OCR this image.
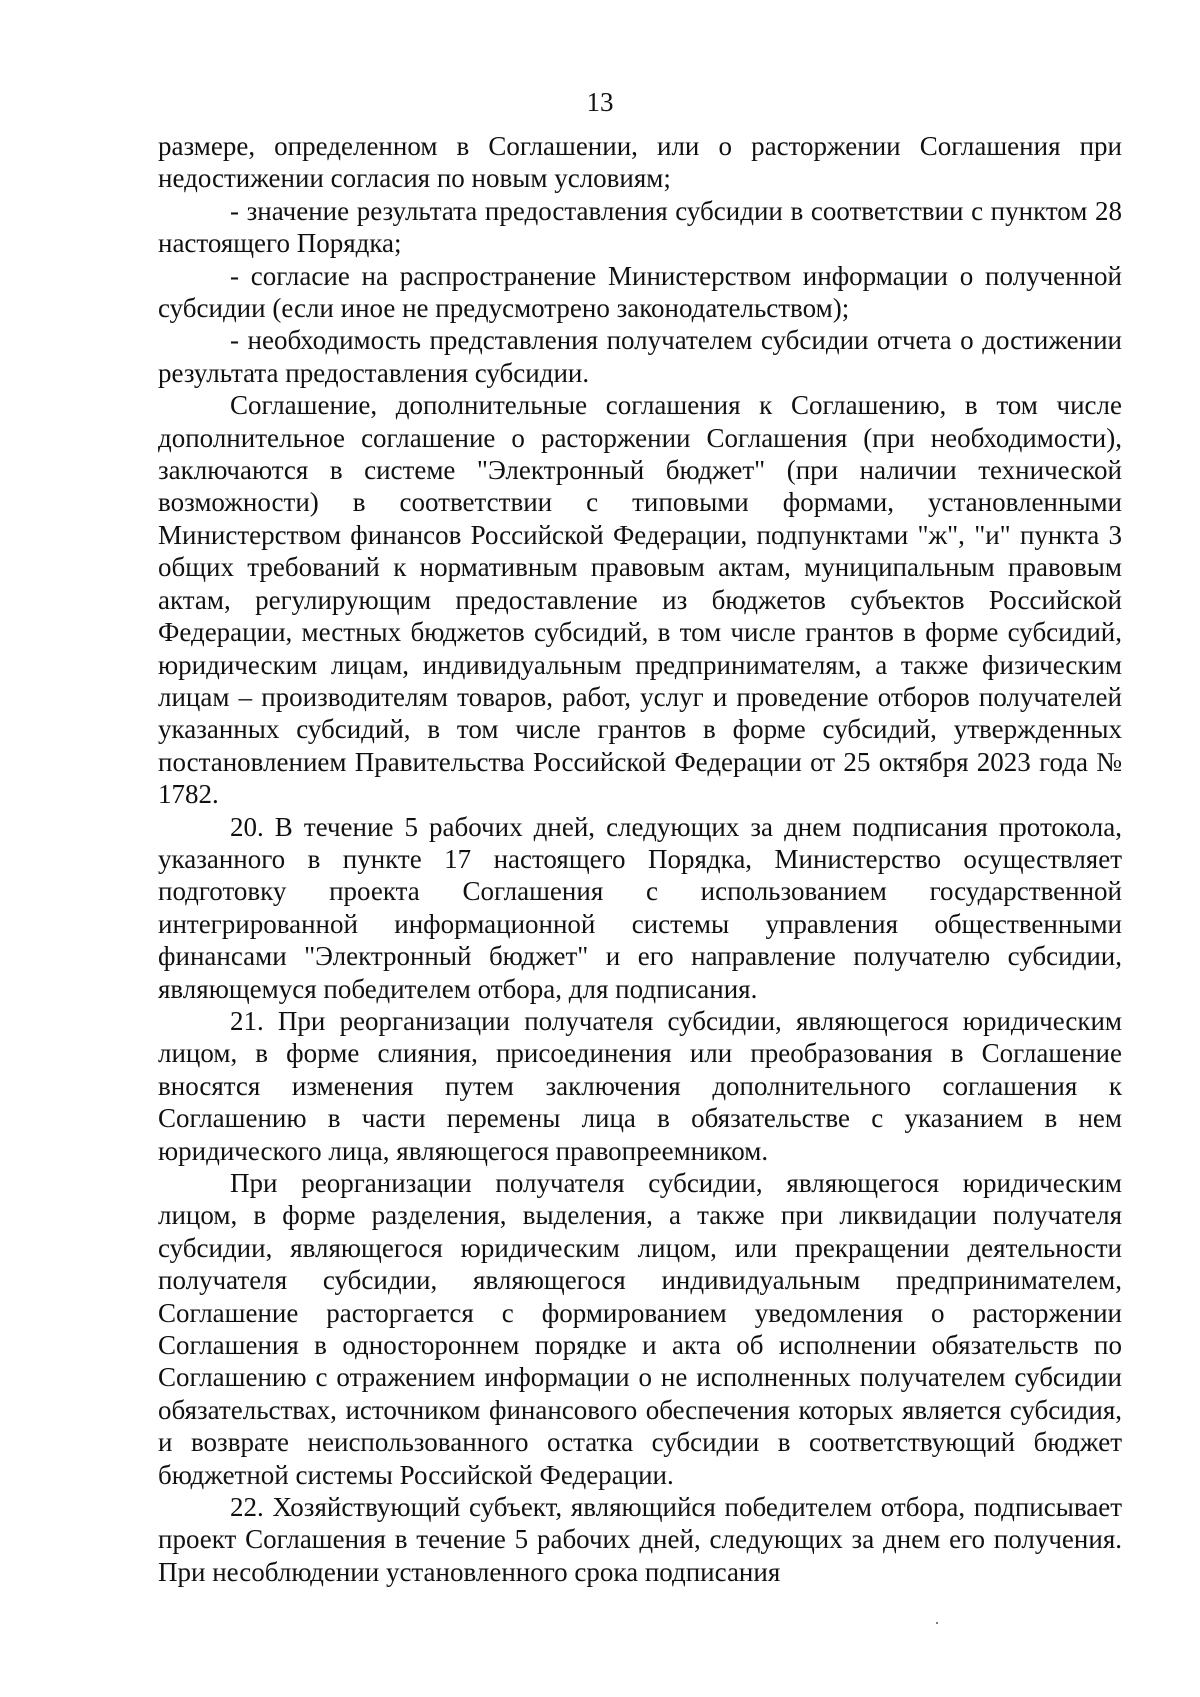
13

размере, определенном в Соглашении, или о расторжении Соглашения при недостижении согласия по новым условиям;

- значение результата предоставления субсидии в соответствии с пунктом 28 настоящего Порядка;

- согласие на распространение Министерством информации о полученной субсидии (если иное не предусмотрено законодательством);

- необходимость представления получателем субсидии отчета о достижении результата предоставления субсидии.

Соглашение, дополнительные соглашения к Соглашению, в том числе дополнительное соглашение о расторжении Соглашения (при необходимости), заключаются в системе "Электронный бюджет" (при наличии технической возможности) в соответствии с типовыми формами, установленными Министерством финансов Российской Федерации, подпунктами "ж", "и" пункта 3 общих требований к нормативным правовым актам, муниципальным правовым актам, регулирующим предоставление из бюджетов субъектов Российской Федерации, местных бюджетов субсидий, в том числе грантов в форме субсидий, юридическим лицам, индивидуальным предпринимателям, а также физическим лицам – производителям товаров, работ, услуг и проведение отборов получателей указанных субсидий, в том числе грантов в форме субсидий, утвержденных постановлением Правительства Российской Федерации от 25 октября 2023 года № 1782.

20. В течение 5 рабочих дней, следующих за днем подписания протокола, указанного в пункте 17 настоящего Порядка, Министерство осуществляет подготовку проекта Соглашения с использованием государственной интегрированной информационной системы управления общественными финансами "Электронный бюджет" и его направление получателю субсидии, являющемуся победителем отбора, для подписания.

21. При реорганизации получателя субсидии, являющегося юридическим лицом, в форме слияния, присоединения или преобразования в Соглашение вносятся изменения путем заключения дополнительного соглашения к Соглашению в части перемены лица в обязательстве с указанием в нем юридического лица, являющегося правопреемником.

При реорганизации получателя субсидии, являющегося юридическим лицом, в форме разделения, выделения, а также при ликвидации получателя субсидии, являющегося юридическим лицом, или прекращении деятельности получателя субсидии, являющегося индивидуальным предпринимателем, Соглашение расторгается с формированием уведомления о расторжении Соглашения в одностороннем порядке и акта об исполнении обязательств по Соглашению с отражением информации о не исполненных получателем субсидии обязательствах, источником финансового обеспечения которых является субсидия, и возврате неиспользованного остатка субсидии в соответствующий бюджет бюджетной системы Российской Федерации.

22. Хозяйствующий субъект, являющийся победителем отбора, подписывает проект Соглашения в течение 5 рабочих дней, следующих за днем его получения. При несоблюдении установленного срока подписания
